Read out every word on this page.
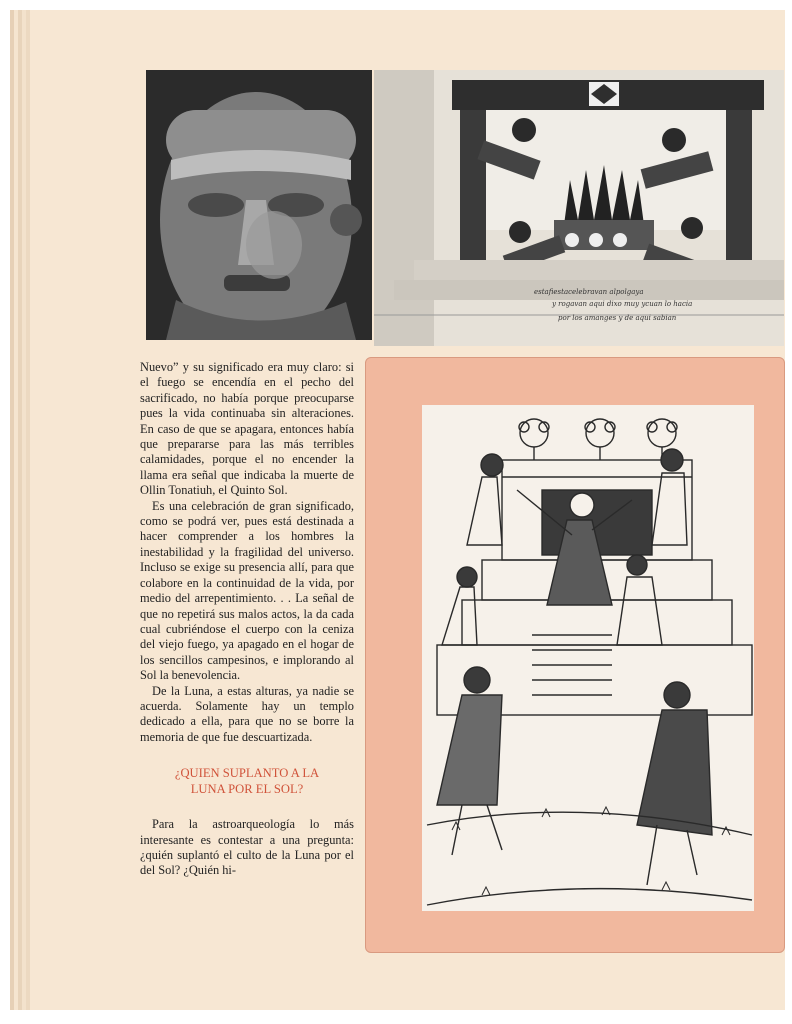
estafiestacelebravan alpolgaya
y rogavan aqui dixo muy ycuan lo hacia
por los amanges y de aqui sabian

Nuevo” y su significado era muy claro: si el fuego se encendía en el pecho del sacrificado, no había porque preocuparse pues la vida continuaba sin alteraciones. En caso de que se apagara, entonces había que prepararse para las más terribles calamidades, porque el no encender la llama era señal que indicaba la muerte de Ollin Tonatiuh, el Quinto Sol.

Es una celebración de gran significado, como se podrá ver, pues está destinada a hacer comprender a los hombres la inestabilidad y la fragilidad del universo. Incluso se exige su presencia allí, para que colabore en la continuidad de la vida, por medio del arrepentimiento. . . La señal de que no repetirá sus malos actos, la da cada cual cubriéndose el cuerpo con la ceniza del viejo fuego, ya apagado en el hogar de los sencillos campesinos, e implorando al Sol la benevolencia.

De la Luna, a estas alturas, ya nadie se acuerda. Solamente hay un templo dedicado a ella, para que no se borre la memoria de que fue descuartizada.

¿QUIEN SUPLANTO A LA
LUNA POR EL SOL?

Para la astroarqueología lo más interesante es contestar a una pregunta: ¿quién suplantó el culto de la Luna por el del Sol? ¿Quién hi-
